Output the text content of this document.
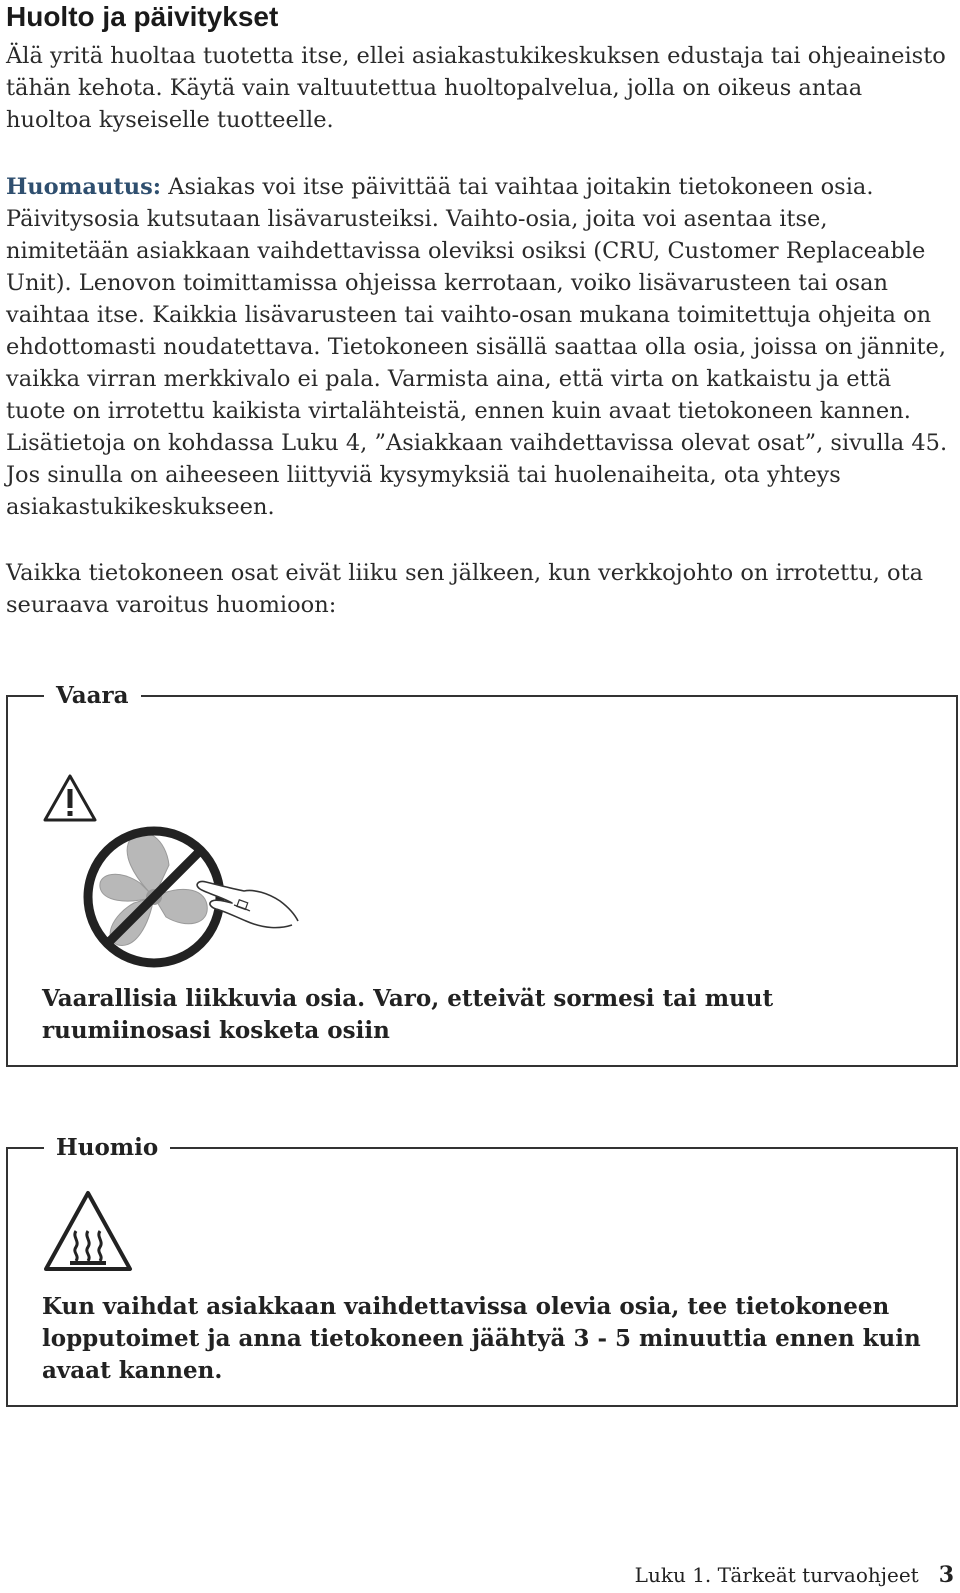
Huolto ja päivitykset

Älä yritä huoltaa tuotetta itse, ellei asiakastukikeskuksen edustaja tai ohjeaineisto tähän kehota. Käytä vain valtuutettua huoltopalvelua, jolla on oikeus antaa huoltoa kyseiselle tuotteelle.

Huomautus: Asiakas voi itse päivittää tai vaihtaa joitakin tietokoneen osia. Päivitysosia kutsutaan lisävarusteiksi. Vaihto-osia, joita voi asentaa itse, nimitetään asiakkaan vaihdettavissa oleviksi osiksi (CRU, Customer Replaceable Unit). Lenovon toimittamissa ohjeissa kerrotaan, voiko lisävarusteen tai osan vaihtaa itse. Kaikkia lisävarusteen tai vaihto-osan mukana toimitettuja ohjeita on ehdottomasti noudatettava. Tietokoneen sisällä saattaa olla osia, joissa on jännite, vaikka virran merkkivalo ei pala. Varmista aina, että virta on katkaistu ja että tuote on irrotettu kaikista virtalähteistä, ennen kuin avaat tietokoneen kannen. Lisätietoja on kohdassa Luku 4, ”Asiakkaan vaihdettavissa olevat osat”, sivulla 45. Jos sinulla on aiheeseen liittyviä kysymyksiä tai huolenaiheita, ota yhteys asiakastukikeskukseen.

Vaikka tietokoneen osat eivät liiku sen jälkeen, kun verkkojohto on irrotettu, ota seuraava varoitus huomioon:

Vaara

Vaarallisia liikkuvia osia. Varo, etteivät sormesi tai muut ruumiinosasi kosketa osiin

Huomio

Kun vaihdat asiakkaan vaihdettavissa olevia osia, tee tietokoneen lopputoimet ja anna tietokoneen jäähtyä 3 - 5 minuuttia ennen kuin avaat kannen.

Luku 1. Tärkeät turvaohjeet 3
